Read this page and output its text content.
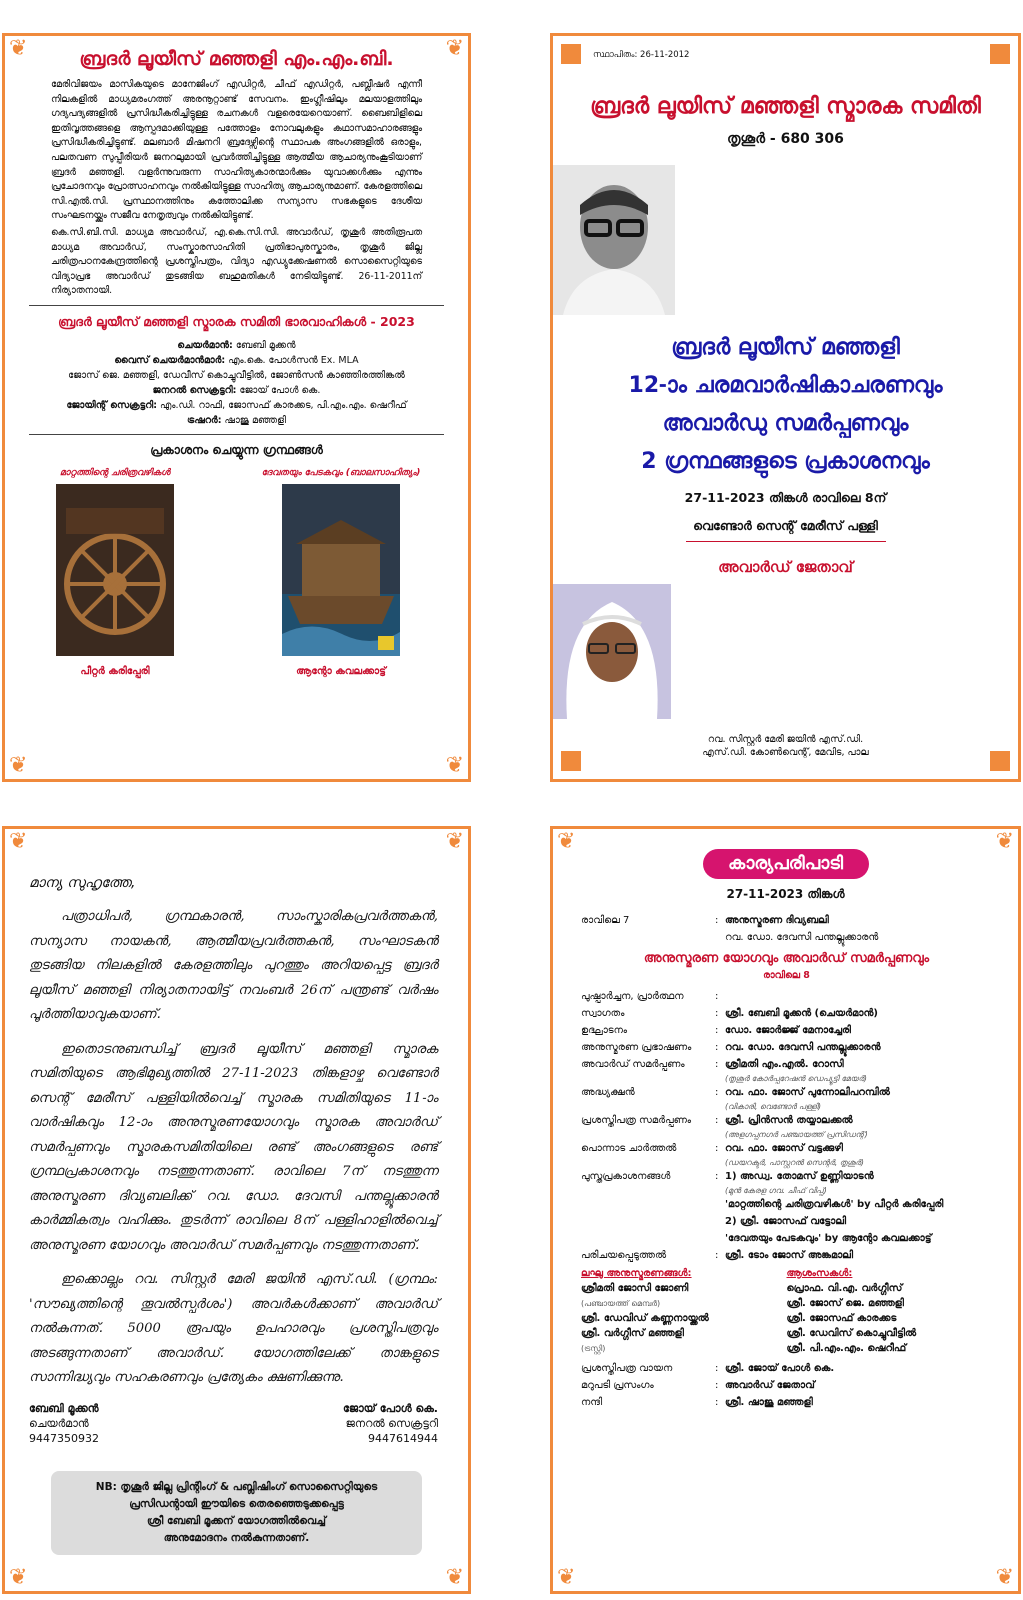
❦	❦
❦	❦
ബ്രദർ ലൂയീസ് മഞ്ഞളി എം.എം.ബി.

മേരിവിജയം മാസികയുടെ മാനേജിംഗ് എഡിറ്റർ, ചീഫ് എഡിറ്റർ, പബ്ലീഷർ എന്നീ നിലകളിൽ മാധ്യമരംഗത്ത് അരനൂറ്റാണ്ട് സേവനം. ഇംഗ്ലീഷിലും മലയാളത്തിലും ഗദ്യപദ്യങ്ങളിൽ പ്രസിദ്ധീകരിച്ചിട്ടുള്ള രചനകൾ വളരെയേറെയാണ്. ബൈബിളിലെ ഇതിവൃത്തങ്ങളെ ആസ്പദമാക്കിയുള്ള പത്തോളം നോവലുകളും കഥാസമാഹാരങ്ങളും പ്രസിദ്ധീകരിച്ചിട്ടുണ്ട്. മലബാർ മിഷനറി ബ്രദേഴ്സിന്റെ സ്ഥാപക അംഗങ്ങളിൽ ഒരാളും, പലതവണ സുപ്പീരിയർ ജനറലുമായി പ്രവർത്തിച്ചിട്ടുള്ള ആത്മീയ ആചാര്യനുംകൂടിയാണ് ബ്രദർ മഞ്ഞളി. വളർന്നുവരുന്ന സാഹിത്യകാരന്മാർക്കും യുവാക്കൾക്കും എന്നും പ്രചോദനവും പ്രോത്സാഹനവും നൽകിയിട്ടുള്ള സാഹിത്യ ആചാര്യനുമാണ്. കേരളത്തിലെ സി.എൽ.സി. പ്രസ്ഥാനത്തിനും കത്തോലിക്ക സന്യാസ സഭകളുടെ ദേശീയ സംഘടനയ്ക്കും സജീവ നേതൃത്വവും നൽകിയിട്ടുണ്ട്.

കെ.സി.ബി.സി. മാധ്യമ അവാർഡ്, എ.കെ.സി.സി. അവാർഡ്, തൃശൂർ അതിരൂപത മാധ്യമ അവാർഡ്, സംസ്കാരസാഹിതി പ്രതിഭാപുരസ്കാരം, തൃശൂർ ജില്ല ചരിത്രപഠനകേന്ദ്രത്തിന്റെ പ്രശസ്തിപത്രം, വിദ്യാ എഡ്യുക്കേഷണൽ സൊസൈറ്റിയുടെ വിദ്യാപ്രഭ അവാർഡ് തുടങ്ങിയ ബഹുമതികൾ നേടിയിട്ടുണ്ട്. 26-11-2011ന് നിര്യാതനായി.

ബ്രദർ ലൂയീസ് മഞ്ഞളി സ്മാരക സമിതി ഭാരവാഹികൾ - 2023
ചെയർമാൻ: ബേബി മൂക്കൻ
വൈസ് ചെയർമാൻമാർ: എം.കെ. പോൾസൻ Ex. MLA
ജോസ് ജെ. മഞ്ഞളി, ഡേവീസ് കൊച്ചുവീട്ടിൽ, ജോൺസൻ കാഞ്ഞിരത്തിങ്കൽ
ജനറൽ സെക്രട്ടറി: ജോയ് പോൾ കെ.
ജോയിന്റ് സെക്രട്ടറി: എം.ഡി. റാഫി, ജോസഫ് കാരക്കട, പി.എം.എം. ഷെറീഫ്
ട്രഷറർ: ഷാജു മഞ്ഞളി
പ്രകാശനം ചെയ്യുന്ന ഗ്രന്ഥങ്ങൾ
മാറ്റത്തിന്റെ ചരിത്രവഴികൾ
പീറ്റർ കരിപ്പേരി
ദേവതയും പേടകവും (ബാലസാഹിത്യം)
ആന്റോ കവലക്കാട്ട്
സ്ഥാപിതം: 26-11-2012
ബ്രദർ ലൂയിസ് മഞ്ഞളി സ്മാരക സമിതി
തൃശൂർ - 680 306
ബ്രദർ ലൂയീസ് മഞ്ഞളി
12-ാം ചരമവാർഷികാചരണവും
അവാർഡു സമർപ്പണവും
2 ഗ്രന്ഥങ്ങളുടെ പ്രകാശനവും
27-11-2023 തിങ്കൾ രാവിലെ 8ന്
വെണ്ടോർ സെന്റ് മേരീസ് പള്ളി
അവാർഡ് ജേതാവ്
റവ. സിസ്റ്റർ മേരി ജയിൻ എസ്.ഡി.
എസ്.ഡി. കോൺവെന്റ്, മേവിട, പാല
❦	❦
❦	❦
മാന്യ സുഹൃത്തേ,

പത്രാധിപർ, ഗ്രന്ഥകാരൻ, സാംസ്കാരികപ്രവർത്തകൻ, സന്യാസ നായകൻ, ആത്മീയപ്രവർത്തകൻ, സംഘാടകൻ തുടങ്ങിയ നിലകളിൽ കേരളത്തിലും പുറത്തും അറിയപ്പെട്ട ബ്രദർ ലൂയീസ് മഞ്ഞളി നിര്യാതനായിട്ട് നവംബർ 26ന് പന്ത്രണ്ട് വർഷം പൂർത്തിയാവുകയാണ്.

ഇതൊടനുബന്ധിച്ച് ബ്രദർ ലൂയീസ് മഞ്ഞളി സ്മാരക സമിതിയുടെ ആഭിമുഖ്യത്തിൽ 27-11-2023 തിങ്കളാഴ്ച വെണ്ടോർ സെന്റ് മേരീസ് പള്ളിയിൽവെച്ച് സ്മാരക സമിതിയുടെ 11-ാം വാർഷികവും 12-ാം അനുസ്മരണയോഗവും സ്മാരക അവാർഡ് സമർപ്പണവും സ്മാരകസമിതിയിലെ രണ്ട് അംഗങ്ങളുടെ രണ്ട് ഗ്രന്ഥപ്രകാശനവും നടത്തുന്നതാണ്. രാവിലെ 7ന് നടത്തുന്ന അനുസ്മരണ ദിവ്യബലിക്ക് റവ. ഡോ. ദേവസി പന്തല്ലൂക്കാരൻ കാർമ്മികത്വം വഹിക്കും. തുടർന്ന് രാവിലെ 8ന് പള്ളിഹാളിൽവെച്ച് അനുസ്മരണ യോഗവും അവാർഡ് സമർപ്പണവും നടത്തുന്നതാണ്.

ഇക്കൊല്ലം റവ. സിസ്റ്റർ മേരി ജയിൻ എസ്.ഡി. (ഗ്രന്ഥം: 'സൗഖ്യത്തിന്റെ തൂവൽസ്പർശം') അവർകൾക്കാണ് അവാർഡ് നൽകുന്നത്. 5000 രൂപയും ഉപഹാരവും പ്രശസ്തിപത്രവും അടങ്ങുന്നതാണ് അവാർഡ്. യോഗത്തിലേക്ക് താങ്കളുടെ സാന്നിദ്ധ്യവും സഹകരണവും പ്രത്യേകം ക്ഷണിക്കുന്നു.

ബേബി മൂക്കൻ
ചെയർമാൻ
9447350932
ജോയ് പോൾ കെ.
ജനറൽ സെക്രട്ടറി
9447614944
NB: തൃശൂർ ജില്ല പ്രിന്റിംഗ് & പബ്ലിഷിംഗ് സൊസൈറ്റിയുടെ
പ്രസിഡന്റായി ഈയിടെ തെരഞ്ഞെടുക്കപ്പെട്ട
ശ്രീ ബേബി മൂക്കന് യോഗത്തിൽവെച്ച്
അനുമോദനം നൽകുന്നതാണ്.
❦	❦
❦	❦
കാര്യപരിപാടി
27-11-2023 തിങ്കൾ
രാവിലെ 7	: അനുസ്മരണ ദിവ്യബലി
റവ. ഡോ. ദേവസി പന്തല്ലൂക്കാരൻ
അനുസ്മരണ യോഗവും അവാർഡ് സമർപ്പണവും
രാവിലെ 8
പുഷ്പാർച്ചന, പ്രാർത്ഥന	:
സ്വാഗതം	: ശ്രീ. ബേബി മൂക്കൻ (ചെയർമാൻ)
ഉദ്ഘാടനം	: ഡോ. ജോർജ്ജ് മേനാച്ചേരി
അനുസ്മരണ പ്രഭാഷണം	: റവ. ഡോ. ദേവസി പന്തല്ലൂക്കാരൻ
അവാർഡ് സമർപ്പണം	: ശ്രീമതി എം.എൽ. റോസി
(തൃശൂർ കോർപ്പറേഷൻ ഡെപ്യൂട്ടി മേയർ)
അദ്ധ്യക്ഷൻ	: റവ. ഫാ. ജോസ് പുന്നോലിപറമ്പിൽ
(വികാരി, വെണ്ടോർ പള്ളി)
പ്രശസ്തിപത്ര സമർപ്പണം	: ശ്രീ. പ്രിൻസൻ തയ്യാലക്കൽ
(അളഗപ്പനഗർ പഞ്ചായത്ത് പ്രസിഡന്റ്)
പൊന്നാട ചാർത്തൽ	: റവ. ഫാ. ജോസ് വട്ടക്കുഴി
(ഡയറക്ടർ, പാസ്റ്ററൽ സെന്റർ, തൃശൂർ)
പുസ്തപ്രകാശനങ്ങൾ	: 1) അഡ്വ. തോമസ് ഉണ്ണിയാടൻ
(മുൻ കേരള ഗവ. ചീഫ് വിപ്പ്)
'മാറ്റത്തിന്റെ ചരിത്രവഴികൾ' by പീറ്റർ കരിപ്പേരി
2) ശ്രീ. ജോസഫ് വട്ടോലി
'ദേവതയും പേടകവും' by ആന്റോ കവലക്കാട്ട്
പരിചയപ്പെടുത്തൽ	: ശ്രീ. ടോം ജോസ് അങ്കമാലി
ലഘു അനുസ്മരണങ്ങൾ:
ശ്രീമതി ജോസി ജോണി
(പഞ്ചായത്ത് മെമ്പർ)
ശ്രീ. ഡേവിഡ് കണ്ണനായ്ക്കൽ
ശ്രീ. വർഗ്ഗീസ് മഞ്ഞളി
(ട്രസ്റ്റി)
ആശംസകൾ:
പ്രൊഫ. വി.എ. വർഗ്ഗീസ്
ശ്രീ. ജോസ് ജെ. മഞ്ഞളി
ശ്രീ. ജോസഫ് കാരക്കട
ശ്രീ. ഡേവിസ് കൊച്ചുവീട്ടിൽ
ശ്രീ. പി.എം.എം. ഷെറീഫ്
പ്രശസ്തിപത്ര വായന	: ശ്രീ. ജോയ് പോൾ കെ.
മറുപടി പ്രസംഗം	: അവാർഡ് ജേതാവ്
നന്ദി	: ശ്രീ. ഷാജു മഞ്ഞളി
